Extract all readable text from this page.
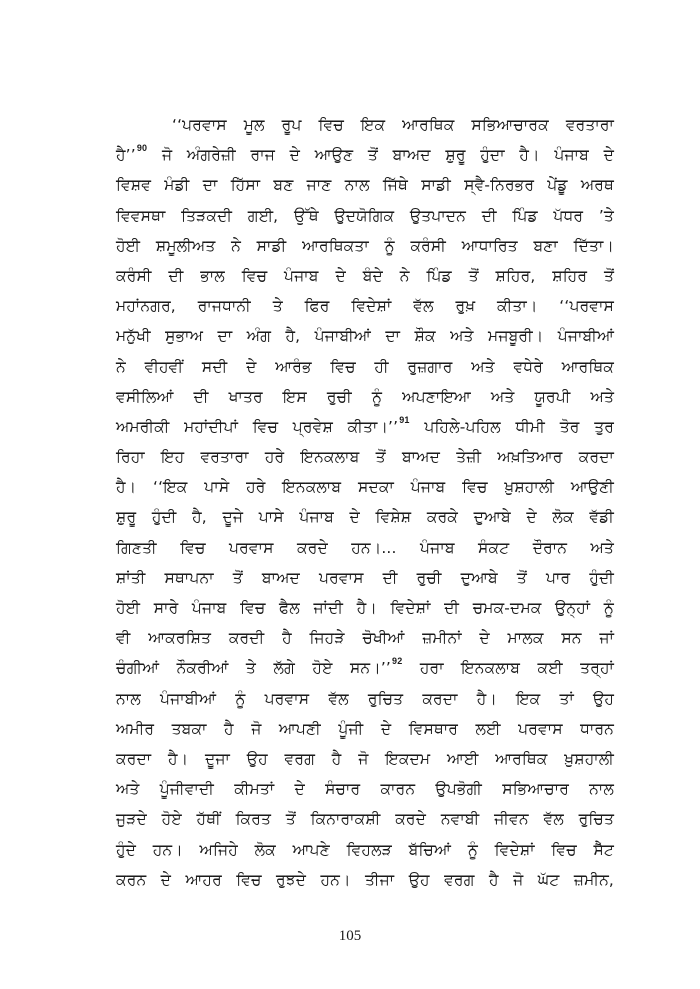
‘‘ਪਰਵਾਸ ਮੂਲ ਰੂਪ ਵਿਚ ਇਕ ਆਰਥਿਕ ਸਭਿਆਚਾਰਕ ਵਰਤਾਰਾ
ਹੈ’’$^{90}$ ਜੋ ਅੰਗਰੇਜ਼ੀ ਰਾਜ ਦੇ ਆਉਣ ਤੋਂ ਬਾਅਦ ਸ਼ੁਰੂ ਹੁੰਦਾ ਹੈ। ਪੰਜਾਬ ਦੇ
ਵਿਸ਼ਵ ਮੰਡੀ ਦਾ ਹਿੱਸਾ ਬਣ ਜਾਣ ਨਾਲ ਜਿੱਥੇ ਸਾਡੀ ਸ੍ਵੈ-ਨਿਰਭਰ ਪੇਂਡੂ ਅਰਥ
ਵਿਵਸਥਾ ਤਿੜਕਦੀ ਗਈ, ਉੱਥੇ ਉਦਯੋਗਿਕ ਉਤਪਾਦਨ ਦੀ ਪਿੰਡ ਪੱਧਰ ’ਤੇ
ਹੋਈ ਸ਼ਮੂਲੀਅਤ ਨੇ ਸਾਡੀ ਆਰਥਿਕਤਾ ਨੂੰ ਕਰੰਸੀ ਆਧਾਰਿਤ ਬਣਾ ਦਿੱਤਾ।
ਕਰੰਸੀ ਦੀ ਭਾਲ ਵਿਚ ਪੰਜਾਬ ਦੇ ਬੰਦੇ ਨੇ ਪਿੰਡ ਤੋਂ ਸ਼ਹਿਰ, ਸ਼ਹਿਰ ਤੋਂ
ਮਹਾਂਨਗਰ, ਰਾਜਧਾਨੀ ਤੇ ਫਿਰ ਵਿਦੇਸ਼ਾਂ ਵੱਲ ਰੁਖ਼ ਕੀਤਾ। ‘‘ਪਰਵਾਸ
ਮਨੁੱਖੀ ਸੁਭਾਅ ਦਾ ਅੰਗ ਹੈ, ਪੰਜਾਬੀਆਂ ਦਾ ਸ਼ੌਕ ਅਤੇ ਮਜਬੂਰੀ। ਪੰਜਾਬੀਆਂ
ਨੇ ਵੀਹਵੀਂ ਸਦੀ ਦੇ ਆਰੰਭ ਵਿਚ ਹੀ ਰੁਜ਼ਗਾਰ ਅਤੇ ਵਧੇਰੇ ਆਰਥਿਕ
ਵਸੀਲਿਆਂ ਦੀ ਖਾਤਰ ਇਸ ਰੁਚੀ ਨੂੰ ਅਪਣਾਇਆ ਅਤੇ ਯੂਰਪੀ ਅਤੇ
ਅਮਰੀਕੀ ਮਹਾਂਦੀਪਾਂ ਵਿਚ ਪ੍ਰਵੇਸ਼ ਕੀਤਾ।’’$^{91}$ ਪਹਿਲੇ-ਪਹਿਲ ਧੀਮੀ ਤੋਰ ਤੁਰ
ਰਿਹਾ ਇਹ ਵਰਤਾਰਾ ਹਰੇ ਇਨਕਲਾਬ ਤੋਂ ਬਾਅਦ ਤੇਜ਼ੀ ਅਖ਼ਤਿਆਰ ਕਰਦਾ
ਹੈ। ‘‘ਇਕ ਪਾਸੇ ਹਰੇ ਇਨਕਲਾਬ ਸਦਕਾ ਪੰਜਾਬ ਵਿਚ ਖ਼ੁਸ਼ਹਾਲੀ ਆਉਣੀ
ਸ਼ੁਰੂ ਹੁੰਦੀ ਹੈ, ਦੂਜੇ ਪਾਸੇ ਪੰਜਾਬ ਦੇ ਵਿਸ਼ੇਸ਼ ਕਰਕੇ ਦੁਆਬੇ ਦੇ ਲੋਕ ਵੱਡੀ
ਗਿਣਤੀ ਵਿਚ ਪਰਵਾਸ ਕਰਦੇ ਹਨ।... ਪੰਜਾਬ ਸੰਕਟ ਦੌਰਾਨ ਅਤੇ
ਸ਼ਾਂਤੀ ਸਥਾਪਨਾ ਤੋਂ ਬਾਅਦ ਪਰਵਾਸ ਦੀ ਰੁਚੀ ਦੁਆਬੇ ਤੋਂ ਪਾਰ ਹੁੰਦੀ
ਹੋਈ ਸਾਰੇ ਪੰਜਾਬ ਵਿਚ ਫੈਲ ਜਾਂਦੀ ਹੈ। ਵਿਦੇਸ਼ਾਂ ਦੀ ਚਮਕ-ਦਮਕ ਉਨ੍ਹਾਂ ਨੂੰ
ਵੀ ਆਕਰਸ਼ਿਤ ਕਰਦੀ ਹੈ ਜਿਹੜੇ ਚੋਖੀਆਂ ਜ਼ਮੀਨਾਂ ਦੇ ਮਾਲਕ ਸਨ ਜਾਂ
ਚੰਗੀਆਂ ਨੌਕਰੀਆਂ ਤੇ ਲੱਗੇ ਹੋਏ ਸਨ।’’$^{92}$ ਹਰਾ ਇਨਕਲਾਬ ਕਈ ਤਰ੍ਹਾਂ
ਨਾਲ ਪੰਜਾਬੀਆਂ ਨੂੰ ਪਰਵਾਸ ਵੱਲ ਰੁਚਿਤ ਕਰਦਾ ਹੈ। ਇਕ ਤਾਂ ਉਹ
ਅਮੀਰ ਤਬਕਾ ਹੈ ਜੋ ਆਪਣੀ ਪੂੰਜੀ ਦੇ ਵਿਸਥਾਰ ਲਈ ਪਰਵਾਸ ਧਾਰਨ
ਕਰਦਾ ਹੈ। ਦੂਜਾ ਉਹ ਵਰਗ ਹੈ ਜੋ ਇਕਦਮ ਆਈ ਆਰਥਿਕ ਖ਼ੁਸ਼ਹਾਲੀ
ਅਤੇ ਪੂੰਜੀਵਾਦੀ ਕੀਮਤਾਂ ਦੇ ਸੰਚਾਰ ਕਾਰਨ ਉਪਭੋਗੀ ਸਭਿਆਚਾਰ ਨਾਲ
ਜੁੜਦੇ ਹੋਏ ਹੱਥੀਂ ਕਿਰਤ ਤੋਂ ਕਿਨਾਰਾਕਸ਼ੀ ਕਰਦੇ ਨਵਾਬੀ ਜੀਵਨ ਵੱਲ ਰੁਚਿਤ
ਹੁੰਦੇ ਹਨ। ਅਜਿਹੇ ਲੋਕ ਆਪਣੇ ਵਿਹਲੜ ਬੱਚਿਆਂ ਨੂੰ ਵਿਦੇਸ਼ਾਂ ਵਿਚ ਸੈੱਟ
ਕਰਨ ਦੇ ਆਹਰ ਵਿਚ ਰੁਝਦੇ ਹਨ। ਤੀਜਾ ਉਹ ਵਰਗ ਹੈ ਜੋ ਘੱਟ ਜ਼ਮੀਨ,
105
